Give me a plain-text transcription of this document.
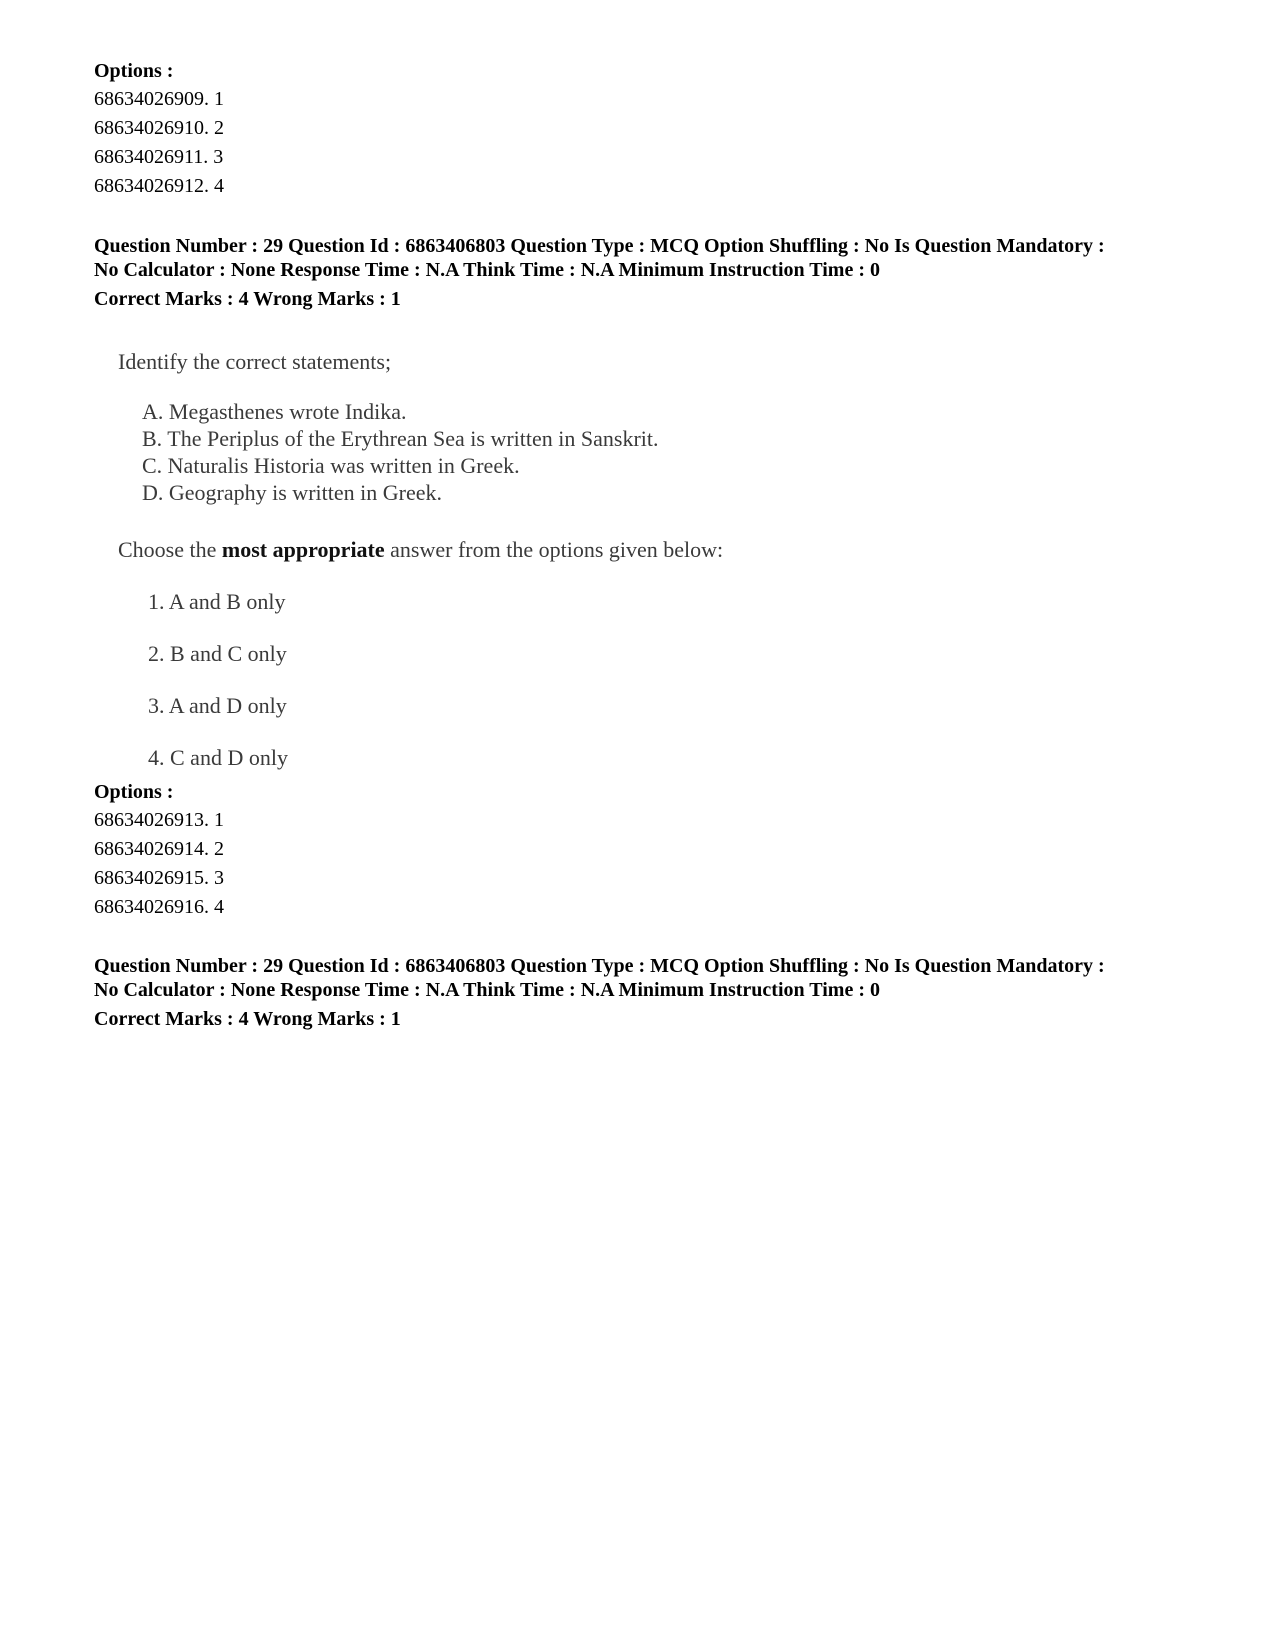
Options :
68634026909. 1
68634026910. 2
68634026911. 3
68634026912. 4
Question Number : 29 Question Id : 6863406803 Question Type : MCQ Option Shuffling : No Is Question Mandatory :
No Calculator : None Response Time : N.A Think Time : N.A Minimum Instruction Time : 0
Correct Marks : 4 Wrong Marks : 1
Identify the correct statements;
A. Megasthenes wrote Indika.
B. The Periplus of the Erythrean Sea is written in Sanskrit.
C. Naturalis Historia was written in Greek.
D. Geography is written in Greek.
Choose the most appropriate answer from the options given below:
1. A and B only
2. B and C only
3. A and D only
4. C and D only
Options :
68634026913. 1
68634026914. 2
68634026915. 3
68634026916. 4
Question Number : 29 Question Id : 6863406803 Question Type : MCQ Option Shuffling : No Is Question Mandatory :
No Calculator : None Response Time : N.A Think Time : N.A Minimum Instruction Time : 0
Correct Marks : 4 Wrong Marks : 1
